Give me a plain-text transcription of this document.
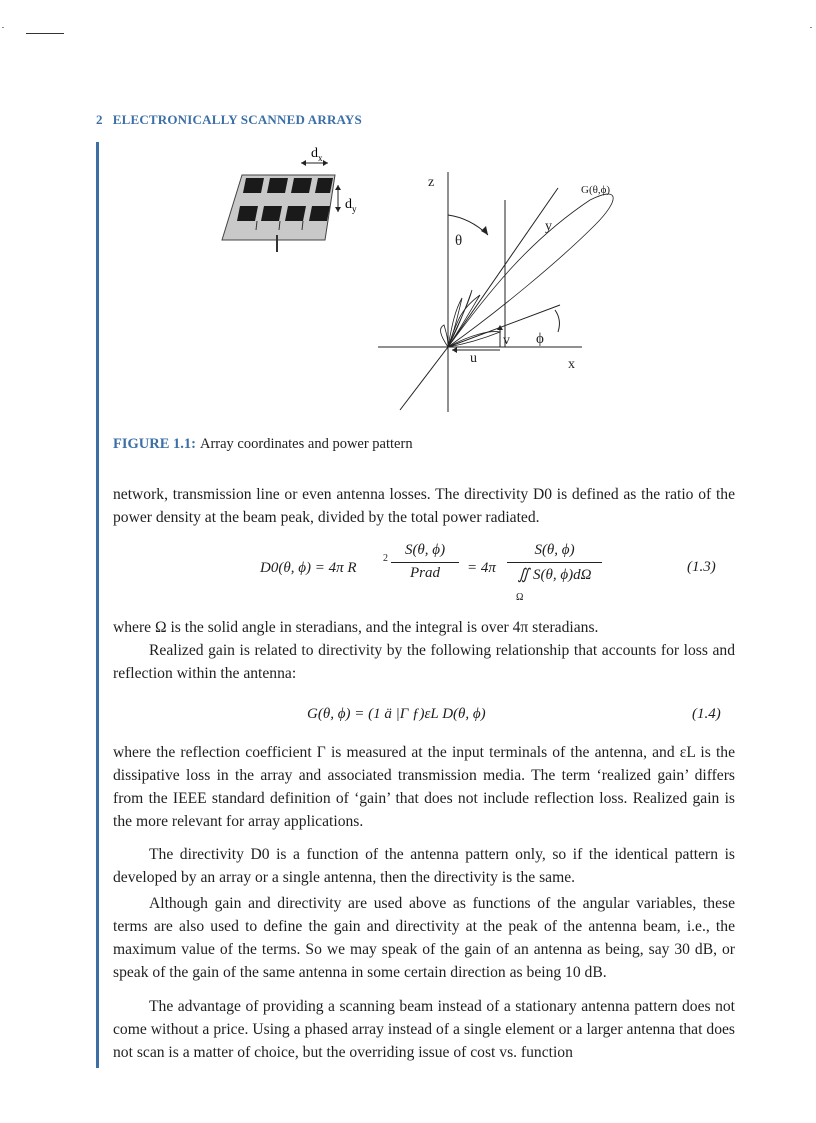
2 ELECTRONICALLY SCANNED ARRAYS
$d_x$
$d_y$
z
x
θ
ϕ
u
v
y
G(θ,ϕ)
FIGURE 1.1: Array coordinates and power pattern

network, transmission line or even antenna losses. The directivity D0 is defined as the ratio of the power density at the beam peak, divided by the total power radiated.

D0(θ, ϕ) = 4π R
2
S(θ, ϕ)
Prad	= 4π
S(θ, ϕ)
∬ S(θ, ϕ)dΩ
Ω
(1.3)

where Ω is the solid angle in steradians, and the integral is over 4π steradians.

Realized gain is related to directivity by the following relationship that accounts for loss and reflection within the antenna:

G(θ, ϕ) = (1 ä |Γ ƒ)εL D(θ, ϕ)	(1.4)

where the reflection coefficient Γ is measured at the input terminals of the antenna, and εL is the dissipative loss in the array and associated transmission media. The term ‘realized gain’ differs from the IEEE standard definition of ‘gain’ that does not include reflection loss. Realized gain is the more relevant for array applications.

The directivity D0 is a function of the antenna pattern only, so if the identical pattern is developed by an array or a single antenna, then the directivity is the same.

Although gain and directivity are used above as functions of the angular variables, these terms are also used to define the gain and directivity at the peak of the antenna beam, i.e., the maximum value of the terms. So we may speak of the gain of an antenna as being, say 30 dB, or speak of the gain of the same antenna in some certain direction as being 10 dB.

The advantage of providing a scanning beam instead of a stationary antenna pattern does not come without a price. Using a phased array instead of a single element or a larger antenna that does not scan is a matter of choice, but the overriding issue of cost vs. function
